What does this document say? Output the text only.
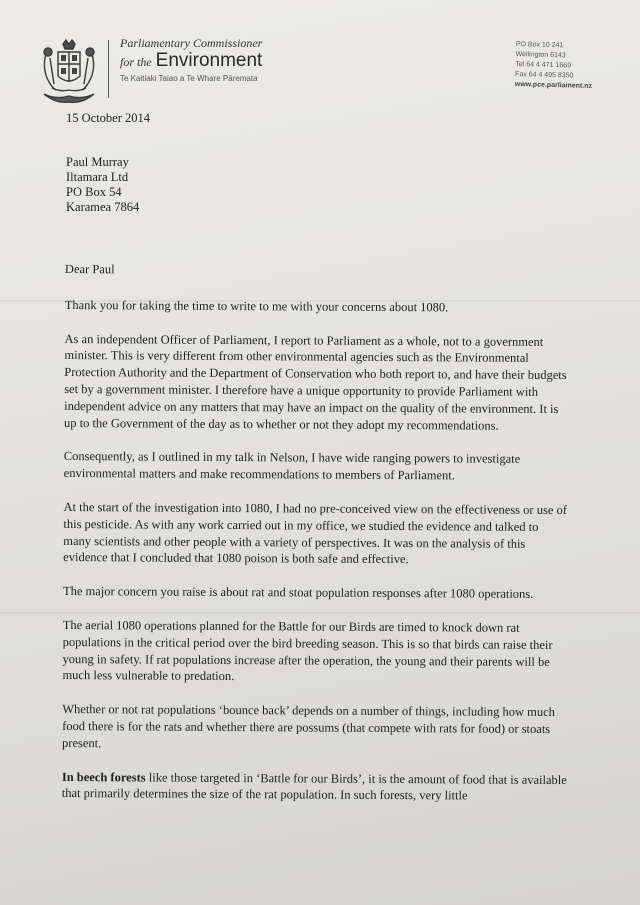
Parliamentary Commissioner
for the Environment
Te Kaitiaki Taiao a Te Whare Pāremata
PO Box 10 241
Wellington 6143
Tel 64 4 471 1669
Fax 64 4 495 8350
www.pce.parliament.nz
15 October 2014
Paul Murray
Iltamara Ltd
PO Box 54
Karamea 7864

Dear Paul

Thank you for taking the time to write to me with your concerns about 1080.

As an independent Officer of Parliament, I report to Parliament as a whole, not to a government minister. This is very different from other environmental agencies such as the Environmental Protection Authority and the Department of Conservation who both report to, and have their budgets set by a government minister. I therefore have a unique opportunity to provide Parliament with independent advice on any matters that may have an impact on the quality of the environment. It is up to the Government of the day as to whether or not they adopt my recommendations.

Consequently, as I outlined in my talk in Nelson, I have wide ranging powers to investigate environmental matters and make recommendations to members of Parliament.

At the start of the investigation into 1080, I had no pre-conceived view on the effectiveness or use of this pesticide. As with any work carried out in my office, we studied the evidence and talked to many scientists and other people with a variety of perspectives. It was on the analysis of this evidence that I concluded that 1080 poison is both safe and effective.

The major concern you raise is about rat and stoat population responses after 1080 operations.

The aerial 1080 operations planned for the Battle for our Birds are timed to knock down rat populations in the critical period over the bird breeding season. This is so that birds can raise their young in safety. If rat populations increase after the operation, the young and their parents will be much less vulnerable to predation.

Whether or not rat populations ‘bounce back’ depends on a number of things, including how much food there is for the rats and whether there are possums (that compete with rats for food) or stoats present.

In beech forests like those targeted in ‘Battle for our Birds’, it is the amount of food that is available that primarily determines the size of the rat population. In such forests, very little
